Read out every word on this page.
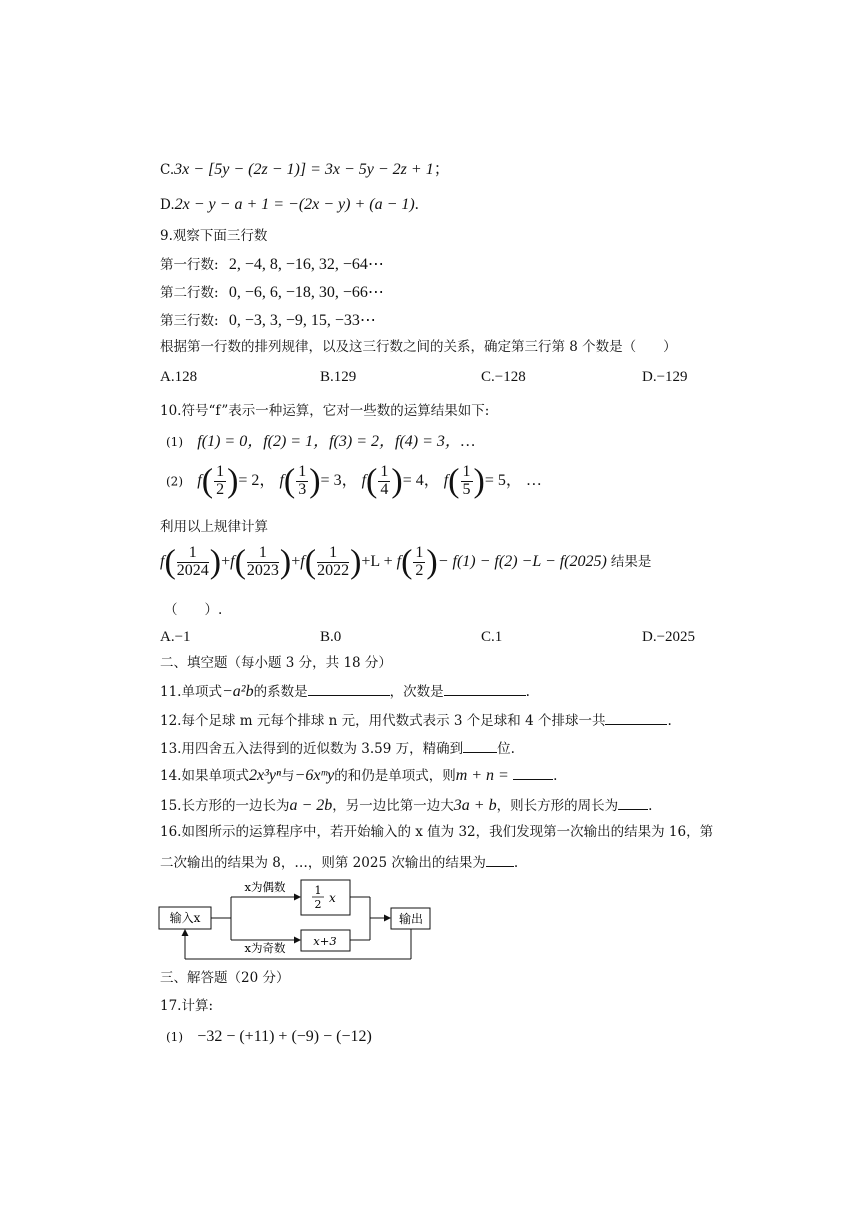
C.3x − [5y − (2z − 1)] = 3x − 5y − 2z + 1；
D.2x − y − a + 1 = −(2x − y) + (a − 1).
9.观察下面三行数
第一行数: 2, −4, 8, −16, 32, −64⋯
第二行数: 0, −6, 6, −18, 30, −66⋯
第三行数: 0, −3, 3, −9, 15, −33⋯
根据第一行数的排列规律，以及这三行数之间的关系，确定第三行第 8 个数是（　　）
A.128	B.129	C.−128	D.−129
10.符号“f”表示一种运算，它对一些数的运算结果如下:
(1) f(1) = 0，f(2) = 1，f(3) = 2，f(4) = 3，…
(2) $f( \frac{1}{2}$ )= 2， $f( \frac{1}{3}$ )= 3， $f( \frac{1}{4}$ )= 4， $f( \frac{1}{5}$ )= 5， …
利用以上规律计算
$f( \frac{1}{2024} )+f( \frac{1}{2023} )+f( \frac{1}{2022} )+L + f( \frac{1}{2}$ )− f(1) − f(2) −L − f(2025) 结果是
（　　）.
A.−1	B.0	C.1	D.−2025
二、填空题（每小题 3 分，共 18 分）
11.单项式−a²b的系数是	，次数是	.
12.每个足球 m 元每个排球 n 元，用代数式表示 3 个足球和 4 个排球一共	.
13.用四舍五入法得到的近似数为 3.59 万，精确到	位.
14.如果单项式2x³yⁿ与−6xᵐy的和仍是单项式，则m + n =	.
15.长方形的一边长为a − 2b，另一边比第一边大3a + b，则长方形的周长为 .
16.如图所示的运算程序中，若开始输入的 x 值为 32，我们发现第一次输出的结果为 16，第
二次输出的结果为 8，…，则第 2025 次输出的结果为 .
输入x
x为偶数
x为奇数
1
2 x
x+3
输出
三、解答题（20 分）
17.计算:
(1) −32 − (+11) + (−9) − (−12)
